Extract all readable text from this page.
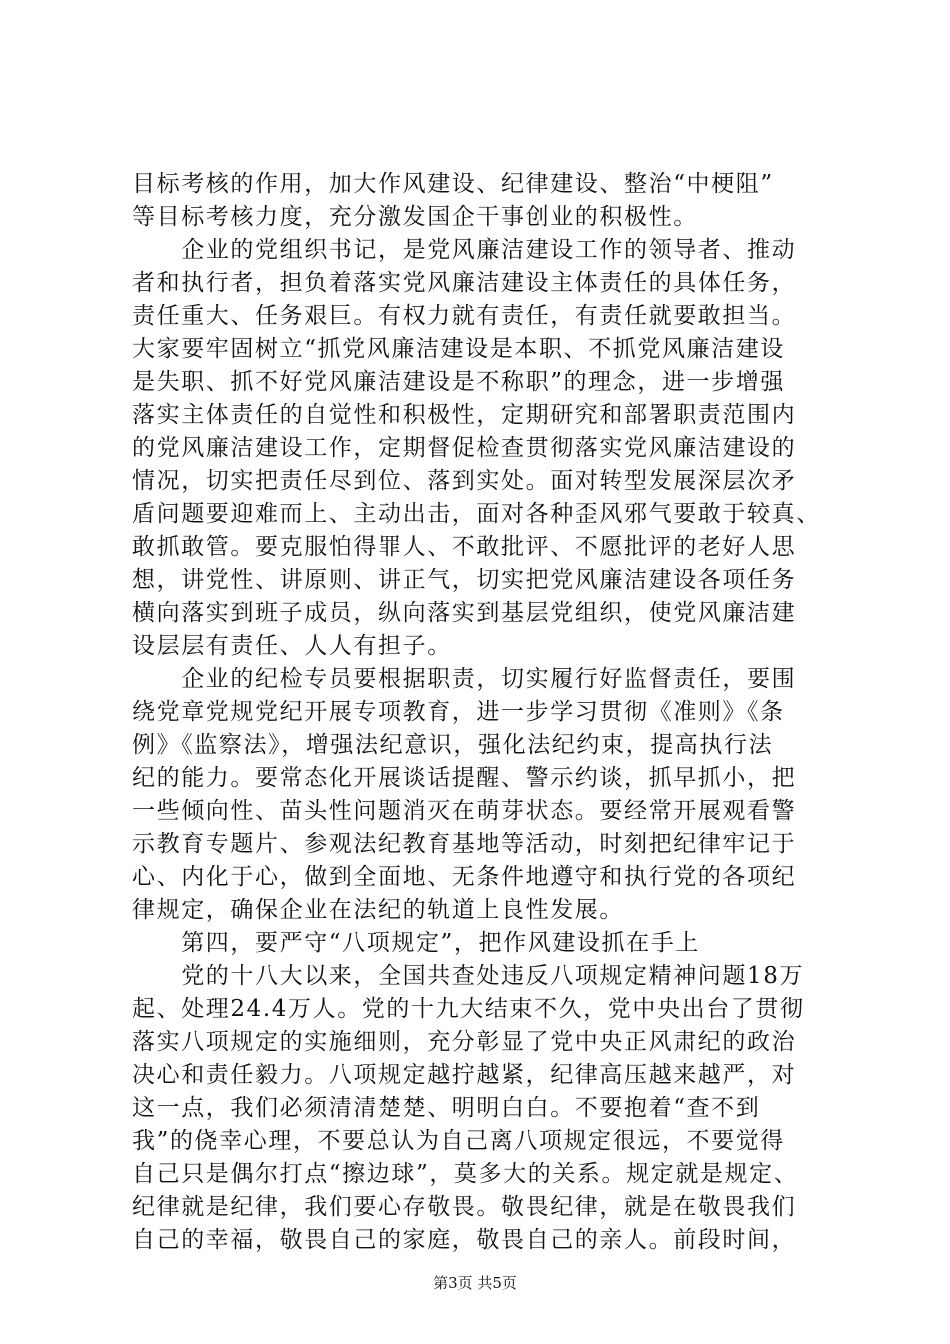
目标考核的作用，加大作风建设、纪律建设、整治“中梗阻”
等目标考核力度，充分激发国企干事创业的积极性。
　　企业的党组织书记，是党风廉洁建设工作的领导者、推动
者和执行者，担负着落实党风廉洁建设主体责任的具体任务，
责任重大、任务艰巨。有权力就有责任，有责任就要敢担当。
大家要牢固树立“抓党风廉洁建设是本职、不抓党风廉洁建设
是失职、抓不好党风廉洁建设是不称职”的理念，进一步增强
落实主体责任的自觉性和积极性，定期研究和部署职责范围内
的党风廉洁建设工作，定期督促检查贯彻落实党风廉洁建设的
情况，切实把责任尽到位、落到实处。面对转型发展深层次矛
盾问题要迎难而上、主动出击，面对各种歪风邪气要敢于较真、
敢抓敢管。要克服怕得罪人、不敢批评、不愿批评的老好人思
想，讲党性、讲原则、讲正气，切实把党风廉洁建设各项任务
横向落实到班子成员，纵向落实到基层党组织，使党风廉洁建
设层层有责任、人人有担子。
　　企业的纪检专员要根据职责，切实履行好监督责任，要围
绕党章党规党纪开展专项教育，进一步学习贯彻《准则》《条
例》《监察法》，增强法纪意识，强化法纪约束，提高执行法
纪的能力。要常态化开展谈话提醒、警示约谈，抓早抓小，把
一些倾向性、苗头性问题消灭在萌芽状态。要经常开展观看警
示教育专题片、参观法纪教育基地等活动，时刻把纪律牢记于
心、内化于心，做到全面地、无条件地遵守和执行党的各项纪
律规定，确保企业在法纪的轨道上良性发展。
　　第四，要严守“八项规定”，把作风建设抓在手上
　　党的十八大以来，全国共查处违反八项规定精神问题18万
起、处理24.4万人。党的十九大结束不久，党中央出台了贯彻
落实八项规定的实施细则，充分彰显了党中央正风肃纪的政治
决心和责任毅力。八项规定越拧越紧，纪律高压越来越严，对
这一点，我们必须清清楚楚、明明白白。不要抱着“查不到
我”的侥幸心理，不要总认为自己离八项规定很远，不要觉得
自己只是偶尔打点“擦边球”，莫多大的关系。规定就是规定、
纪律就是纪律，我们要心存敬畏。敬畏纪律，就是在敬畏我们
自己的幸福，敬畏自己的家庭，敬畏自己的亲人。前段时间，
第3页 共5页
